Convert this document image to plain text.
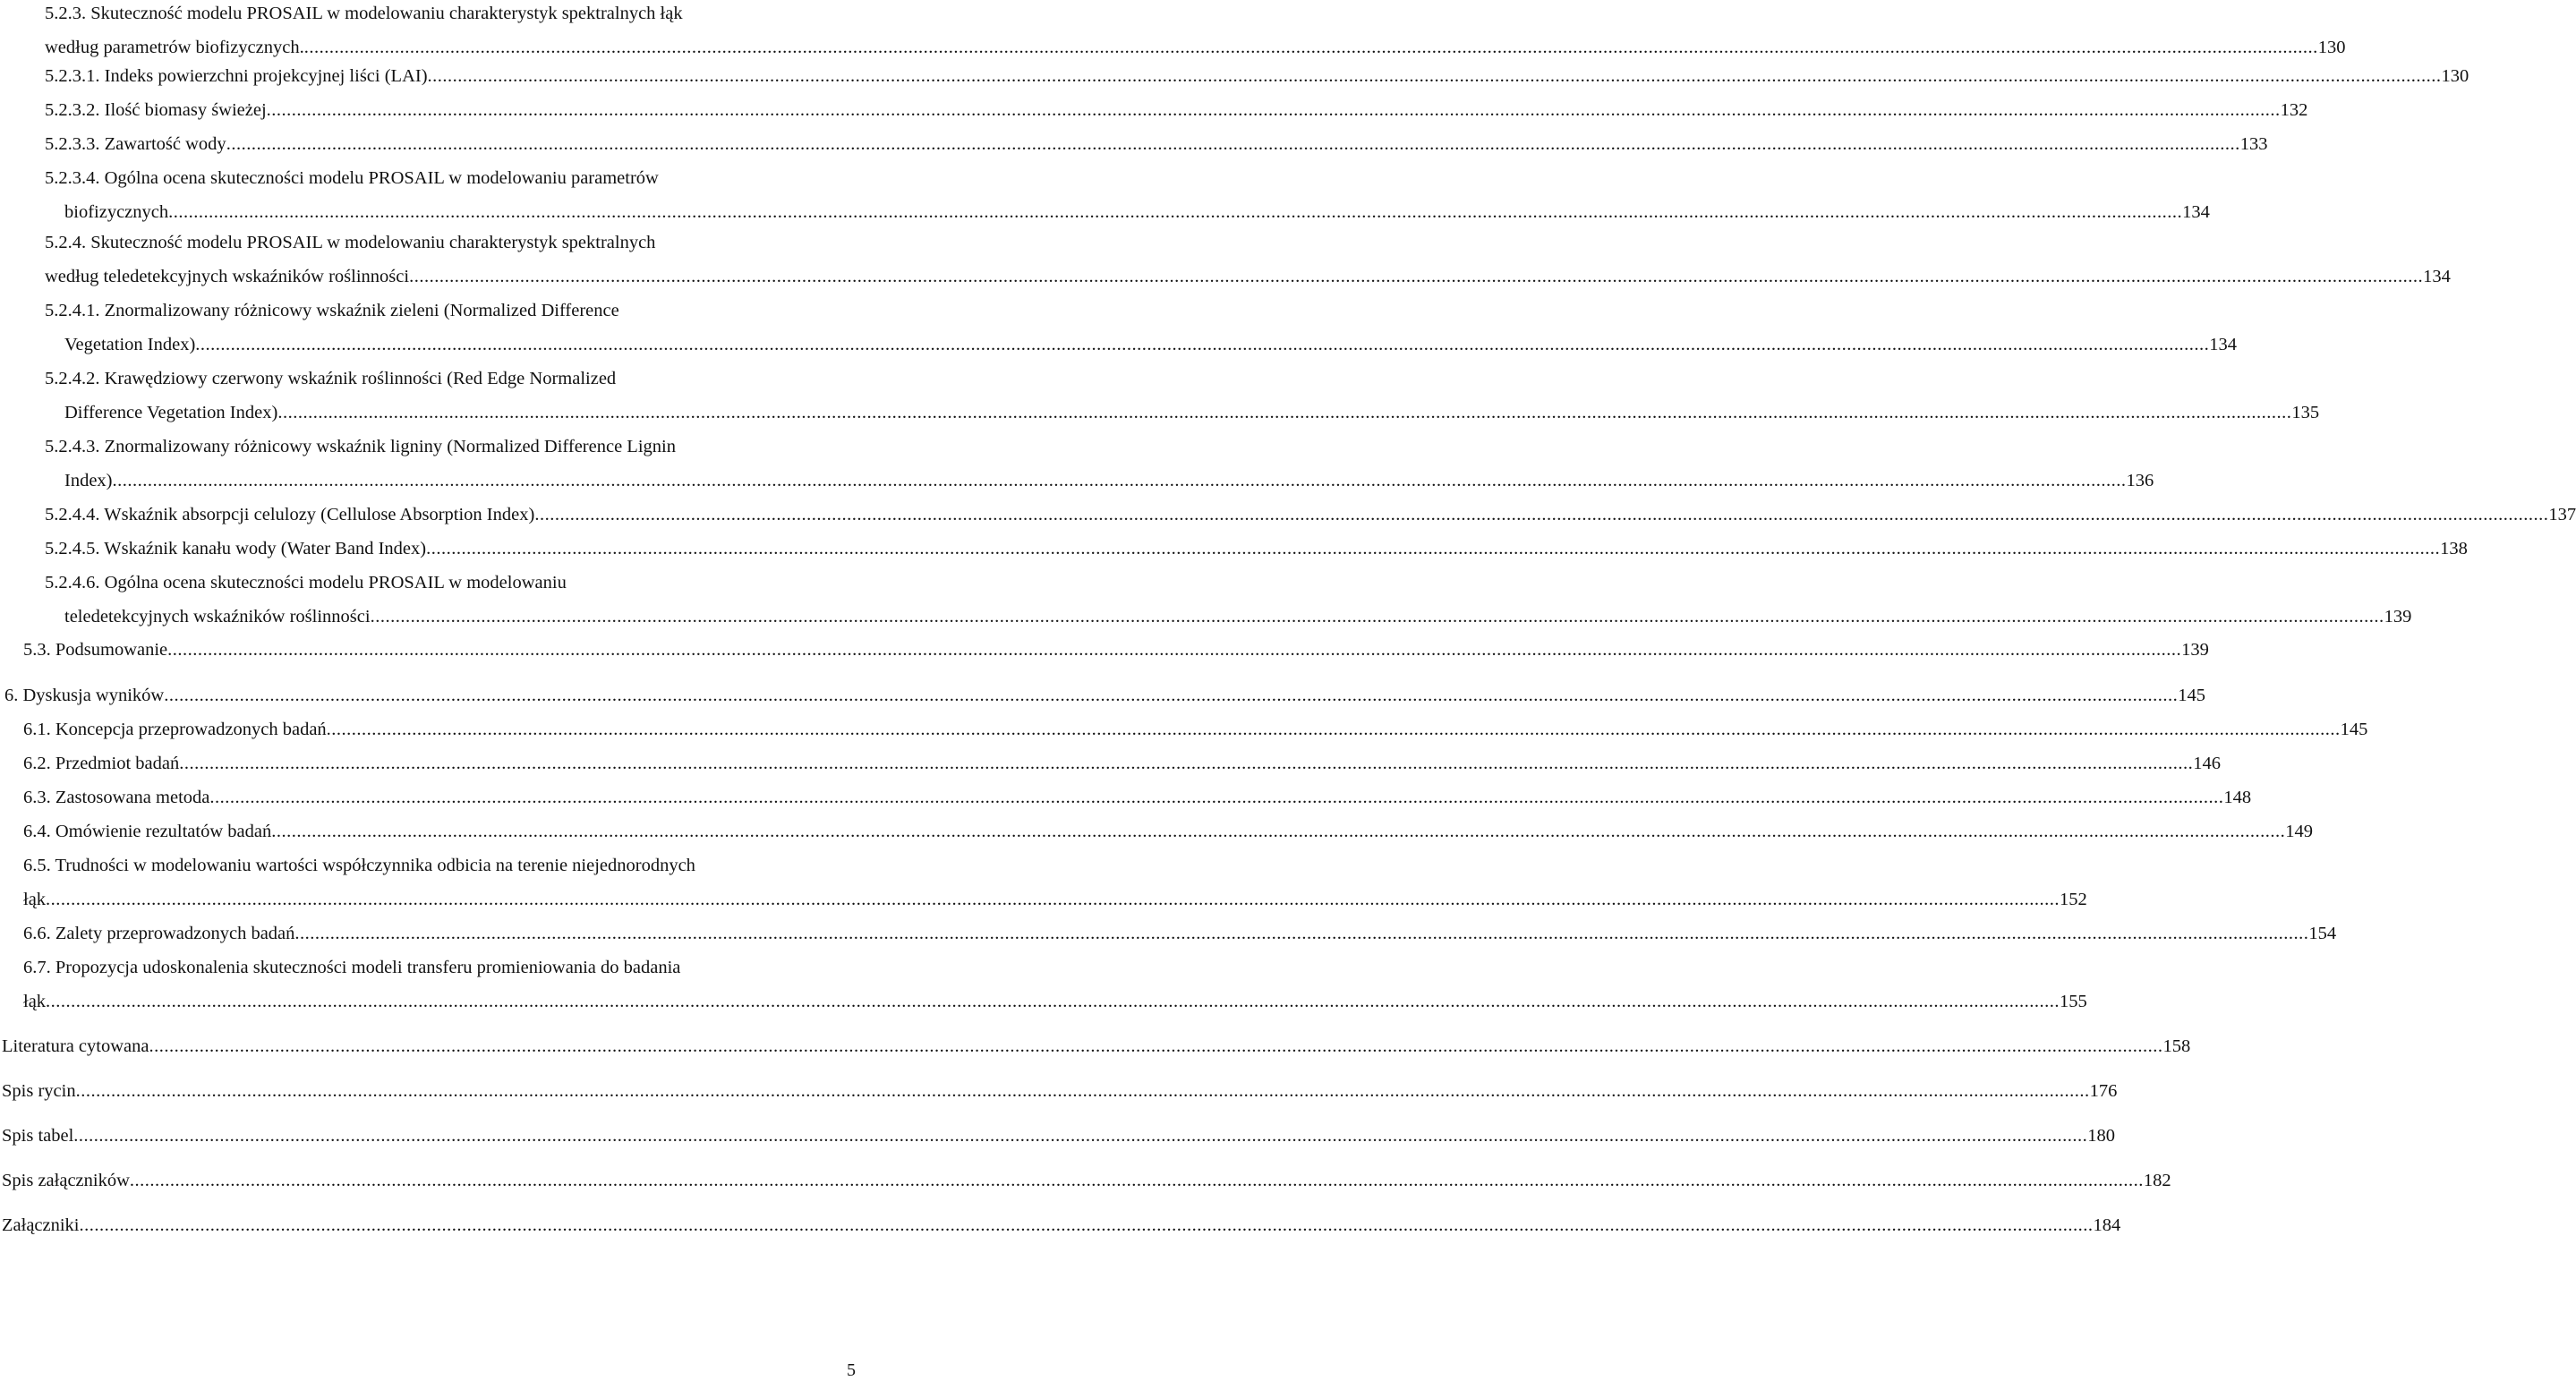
5.2.3. Skuteczność modelu PROSAIL w modelowaniu charakterystyk spektralnych łąk
według parametrów biofizycznych. ................................................................................................................................................................................................................................................................................................................................................................................................................ 130
5.2.3.1. Indeks powierzchni projekcyjnej liści (LAI) ................................................................................................................................................................................................................................................................................................................................................................................................................ 130
5.2.3.2. Ilość biomasy świeżej ................................................................................................................................................................................................................................................................................................................................................................................................................ 132
5.2.3.3. Zawartość wody ................................................................................................................................................................................................................................................................................................................................................................................................................ 133
5.2.3.4. Ogólna ocena skuteczności modelu PROSAIL w modelowaniu parametrów
biofizycznych ................................................................................................................................................................................................................................................................................................................................................................................................................ 134
5.2.4. Skuteczność modelu PROSAIL w modelowaniu charakterystyk spektralnych
według teledetekcyjnych wskaźników roślinności ................................................................................................................................................................................................................................................................................................................................................................................................................ 134
5.2.4.1. Znormalizowany różnicowy wskaźnik zieleni (Normalized Difference
Vegetation Index) ................................................................................................................................................................................................................................................................................................................................................................................................................ 134
5.2.4.2. Krawędziowy czerwony wskaźnik roślinności (Red Edge Normalized
Difference Vegetation Index) ................................................................................................................................................................................................................................................................................................................................................................................................................ 135
5.2.4.3. Znormalizowany różnicowy wskaźnik ligniny (Normalized Difference Lignin
Index) ................................................................................................................................................................................................................................................................................................................................................................................................................ 136
5.2.4.4. Wskaźnik absorpcji celulozy (Cellulose Absorption Index) ................................................................................................................................................................................................................................................................................................................................................................................................................ 137
5.2.4.5. Wskaźnik kanału wody (Water Band Index) ................................................................................................................................................................................................................................................................................................................................................................................................................ 138
5.2.4.6. Ogólna ocena skuteczności modelu PROSAIL w modelowaniu
teledetekcyjnych wskaźników roślinności ................................................................................................................................................................................................................................................................................................................................................................................................................ 139
5.3. Podsumowanie ................................................................................................................................................................................................................................................................................................................................................................................................................ 139
6. Dyskusja wyników ................................................................................................................................................................................................................................................................................................................................................................................................................ 145
6.1. Koncepcja przeprowadzonych badań ................................................................................................................................................................................................................................................................................................................................................................................................................ 145
6.2. Przedmiot badań ................................................................................................................................................................................................................................................................................................................................................................................................................ 146
6.3. Zastosowana metoda ................................................................................................................................................................................................................................................................................................................................................................................................................ 148
6.4. Omówienie rezultatów badań ................................................................................................................................................................................................................................................................................................................................................................................................................ 149
6.5. Trudności w modelowaniu wartości współczynnika odbicia na terenie niejednorodnych
łąk ................................................................................................................................................................................................................................................................................................................................................................................................................ 152
6.6. Zalety przeprowadzonych badań ................................................................................................................................................................................................................................................................................................................................................................................................................ 154
6.7. Propozycja udoskonalenia skuteczności modeli transferu promieniowania do badania
łąk ................................................................................................................................................................................................................................................................................................................................................................................................................ 155
Literatura cytowana ................................................................................................................................................................................................................................................................................................................................................................................................................ 158
Spis rycin ................................................................................................................................................................................................................................................................................................................................................................................................................ 176
Spis tabel ................................................................................................................................................................................................................................................................................................................................................................................................................ 180
Spis załączników ................................................................................................................................................................................................................................................................................................................................................................................................................ 182
Załączniki ................................................................................................................................................................................................................................................................................................................................................................................................................ 184
5
